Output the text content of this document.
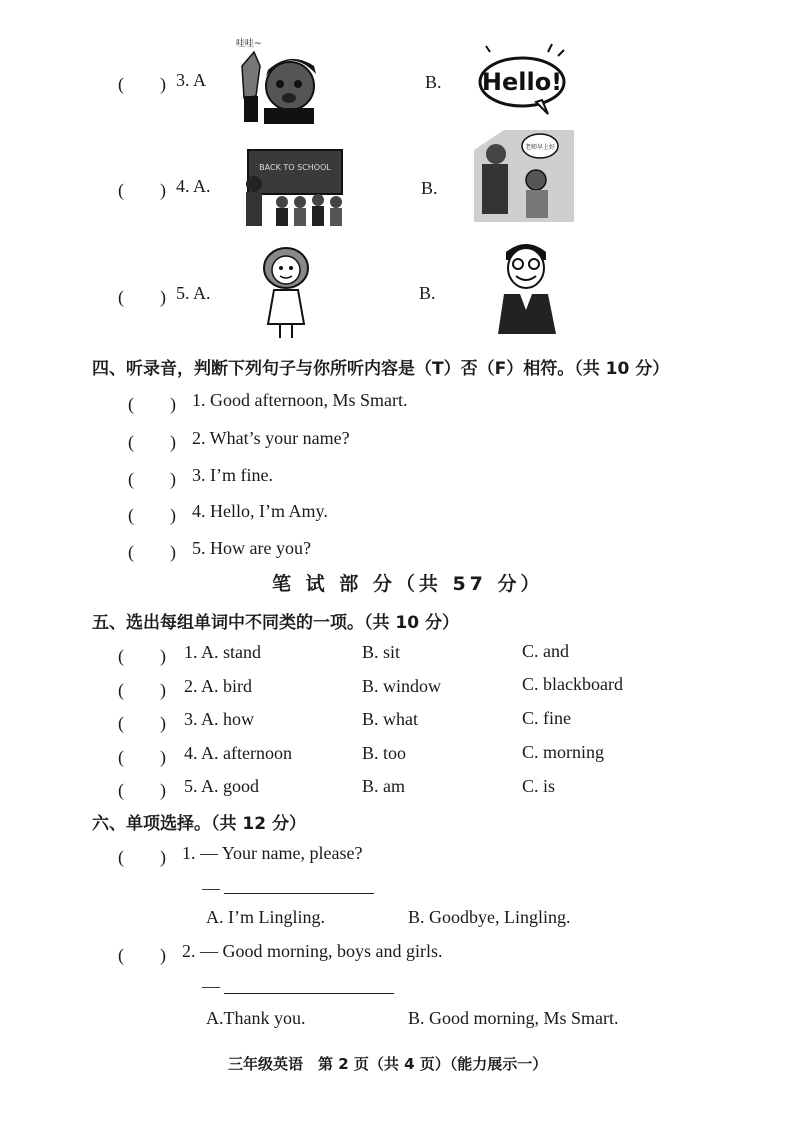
(　　) 3. A
哇哇~
B. Hello!
(　　) 4. A.
BACK TO SCHOOL
B.
老师早上好
(　　) 5. A.	B.
四、听录音，判断下列句子与你所听内容是（T）否（F）相符。（共 10 分）
(　　) 1. Good afternoon, Ms Smart.
(　　) 2. What’s your name?
(　　) 3. I’m fine.
(　　) 4. Hello, I’m Amy.
(　　) 5. How are you?
笔 试 部 分（共 57 分）
五、选出每组单词中不同类的一项。（共 10 分）
(　　) 1. A. stand	B. sit	C. and
(　　) 2. A. bird	B. window	C. blackboard
(　　) 3. A. how	B. what	C. fine
(　　) 4. A. afternoon	B. too	C. morning
(　　) 5. A. good	B. am	C. is
六、单项选择。（共 12 分）
(　　) 1. — Your name, please?
—
A. I’m Lingling.	B. Goodbye, Lingling.
(　　) 2. — Good morning, boys and girls.
—
A.Thank you.	B. Good morning, Ms Smart.
三年级英语　第 2 页（共 4 页）（能力展示一）
